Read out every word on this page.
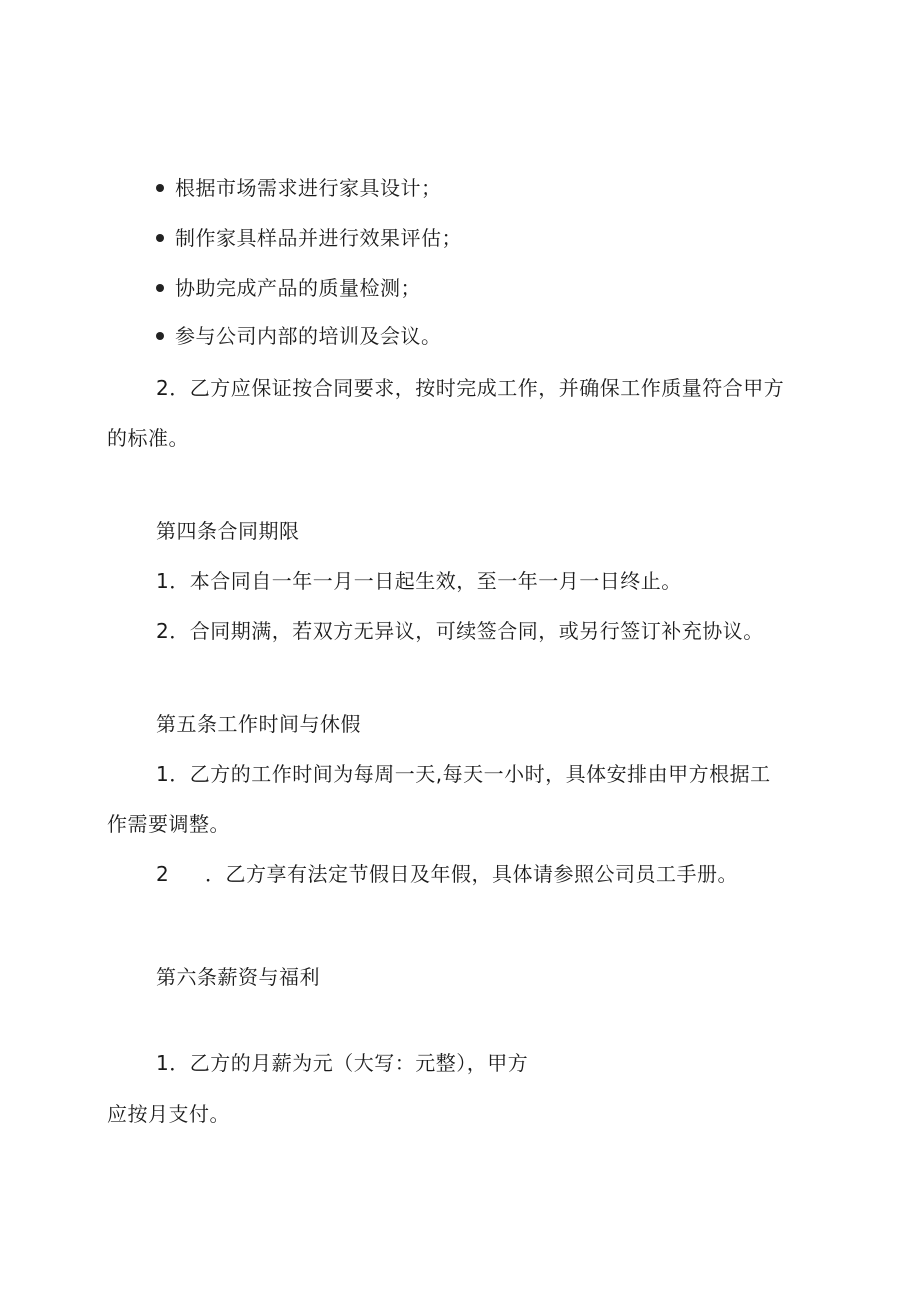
根据市场需求进行家具设计；
制作家具样品并进行效果评估；
协助完成产品的质量检测；
参与公司内部的培训及会议。
2．乙方应保证按合同要求，按时完成工作，并确保工作质量符合甲方
的标准。
第四条合同期限
1．本合同自一年一月一日起生效，至一年一月一日终止。
2．合同期满，若双方无异议，可续签合同，或另行签订补充协议。
第五条工作时间与休假
1．乙方的工作时间为每周一天,每天一小时，具体安排由甲方根据工
作需要调整。
2 ．乙方享有法定节假日及年假，具体请参照公司员工手册。
第六条薪资与福利
1．乙方的月薪为元（大写：元整），甲方
应按月支付。
